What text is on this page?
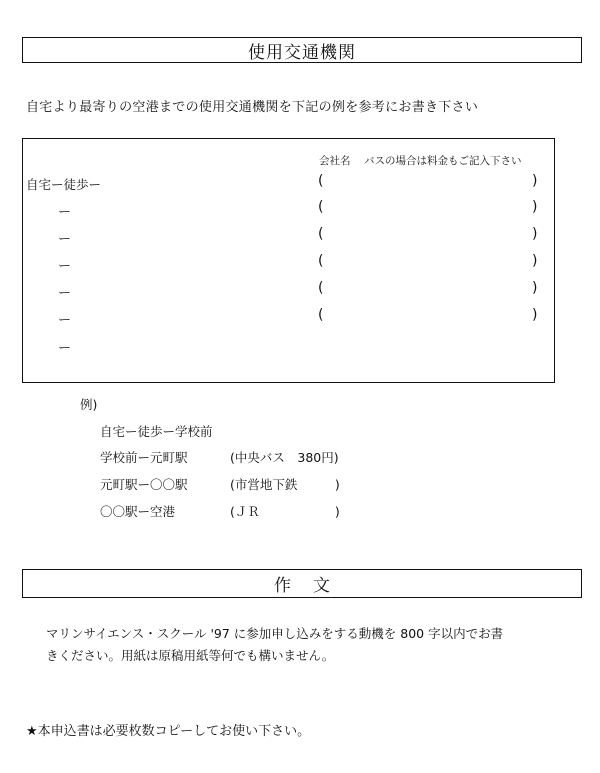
使用交通機関
自宅より最寄りの空港までの使用交通機関を下記の例を参考にお書き下さい
会社名 バスの場合は料金もご記入下さい
自宅ー徒歩ー	(	)
ー	(	)
ー	(	)
ー	(	)
ー	(	)
ー	(	)
ー
例)
自宅ー徒歩ー学校前
学校前ー元町駅	(中央バス　380円)
元町駅ー〇〇駅	(市営地下鉄　　　)
〇〇駅ー空港	(ＪＲ　　　　　　)
作文
マリンサイエンス・スクール '97 に参加申し込みをする動機を 800 字以内でお書
きください。用紙は原稿用紙等何でも構いません。
★本申込書は必要枚数コピーしてお使い下さい。
